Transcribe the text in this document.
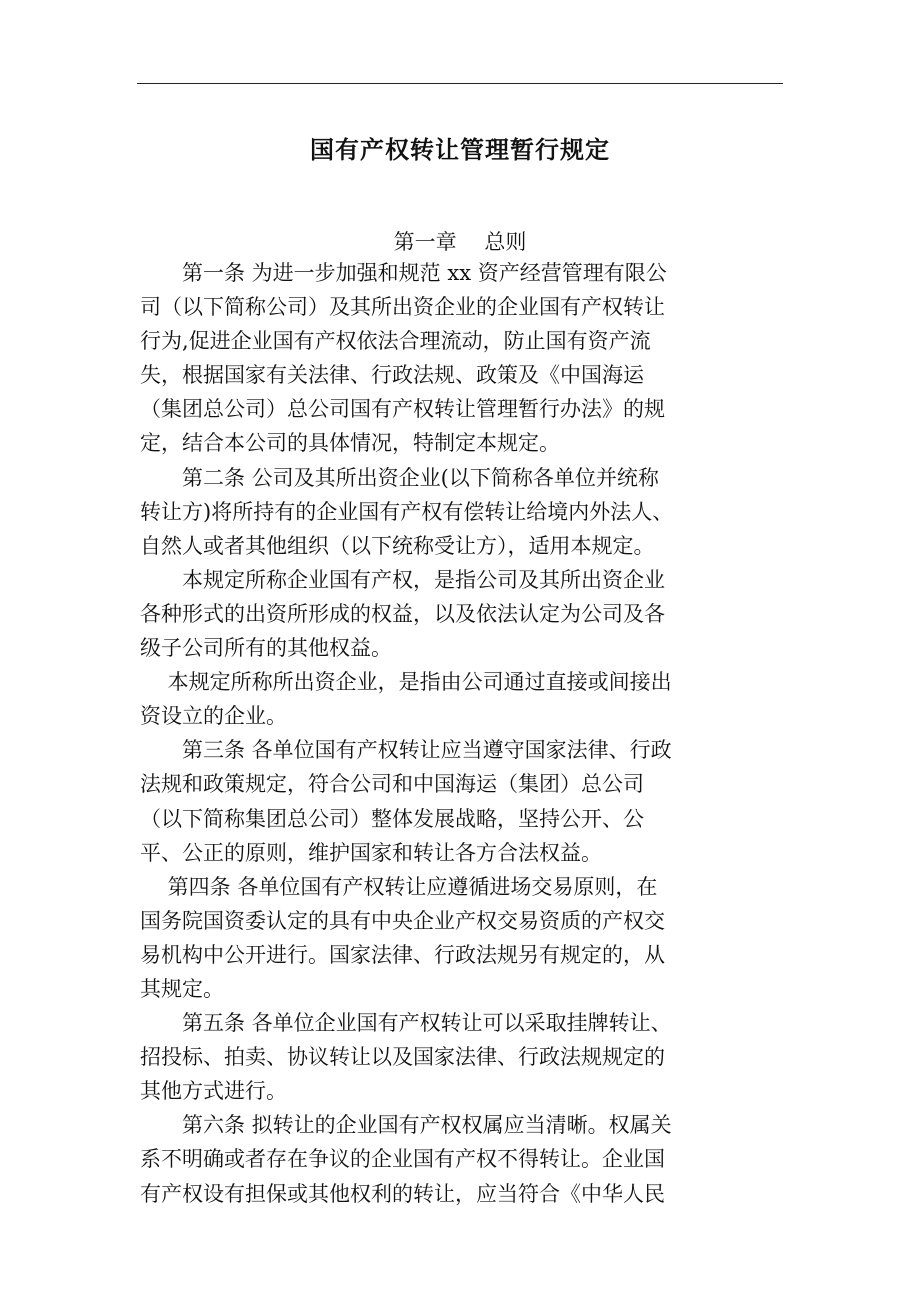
国有产权转让管理暂行规定
第一章　 总则
　　第一条 为进一步加强和规范 xx 资产经营管理有限公
司（以下简称公司）及其所出资企业的企业国有产权转让
行为,促进企业国有产权依法合理流动，防止国有资产流
失，根据国家有关法律、行政法规、政策及《中国海运
（集团总公司）总公司国有产权转让管理暂行办法》的规
定，结合本公司的具体情况，特制定本规定。
　　第二条 公司及其所出资企业(以下简称各单位并统称
转让方)将所持有的企业国有产权有偿转让给境内外法人、
自然人或者其他组织（以下统称受让方），适用本规定。
　　本规定所称企业国有产权，是指公司及其所出资企业
各种形式的出资所形成的权益，以及依法认定为公司及各
级子公司所有的其他权益。
　 本规定所称所出资企业，是指由公司通过直接或间接出
资设立的企业。
　　第三条 各单位国有产权转让应当遵守国家法律、行政
法规和政策规定，符合公司和中国海运（集团）总公司
（以下简称集团总公司）整体发展战略，坚持公开、公
平、公正的原则，维护国家和转让各方合法权益。
　 第四条 各单位国有产权转让应遵循进场交易原则，在
国务院国资委认定的具有中央企业产权交易资质的产权交
易机构中公开进行。国家法律、行政法规另有规定的，从
其规定。
　　第五条 各单位企业国有产权转让可以采取挂牌转让、
招投标、拍卖、协议转让以及国家法律、行政法规规定的
其他方式进行。
　　第六条 拟转让的企业国有产权权属应当清晰。权属关
系不明确或者存在争议的企业国有产权不得转让。企业国
有产权设有担保或其他权利的转让，应当符合《中华人民
